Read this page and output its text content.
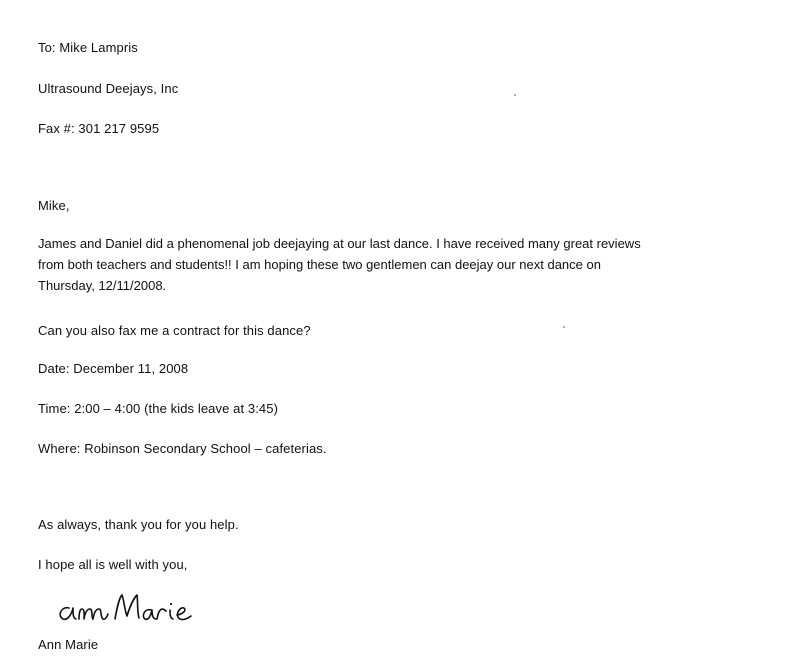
To: Mike Lampris
Ultrasound Deejays, Inc
Fax #: 301 217 9595
Mike,
James and Daniel did a phenomenal job deejaying at our last dance. I have received many great reviews
from both teachers and students!! I am hoping these two gentlemen can deejay our next dance on
Thursday, 12/11/2008.
Can you also fax me a contract for this dance?
Date: December 11, 2008
Time: 2:00 – 4:00 (the kids leave at 3:45)
Where: Robinson Secondary School – cafeterias.
As always, thank you for you help.
I hope all is well with you,
Ann Marie
